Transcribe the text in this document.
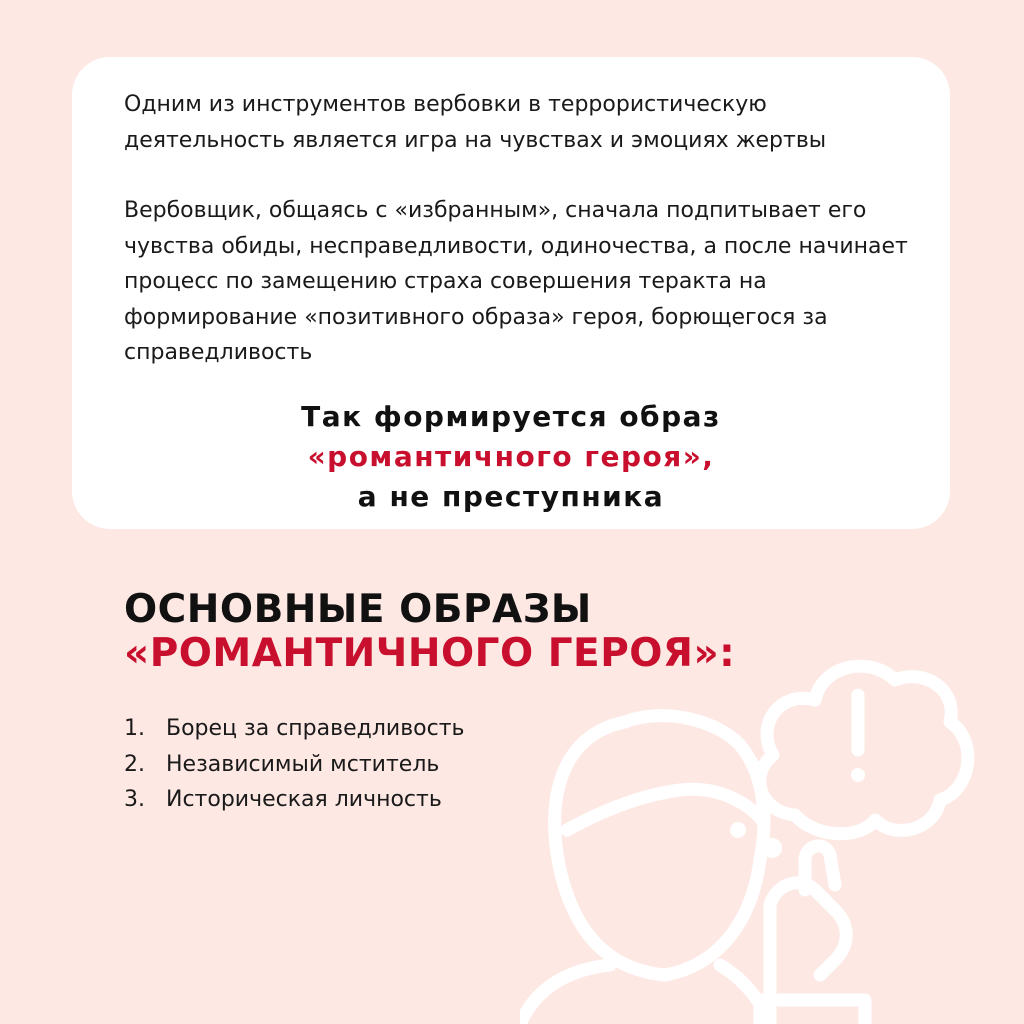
Одним из инструментов вербовки в террористическую деятельность является игра на чувствах и эмоциях жертвы

Вербовщик, общаясь с «избранным», сначала подпитывает его чувства обиды, несправедливости, одиночества, а после начинает процесс по замещению страха совершения теракта на формирование «позитивного образа» героя, борющегося за справедливость

Так формируется образ
«романтичного героя»,
а не преступника
ОСНОВНЫЕ ОБРАЗЫ
«РОМАНТИЧНОГО ГЕРОЯ»:
1. Борец за справедливость
2. Независимый мститель
3. Историческая личность
